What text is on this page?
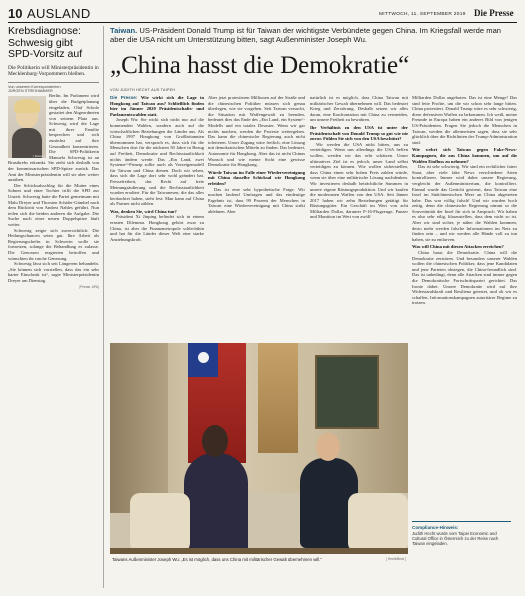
10 AUSLAND	MITTWOCH, 11. SEPTEMBER 2019 Die Presse
Krebsdiagnose: Schwesig gibt SPD-Vorsitz auf
Die Politikerin will Ministerpräsidentin in Mecklenburg-Vorpommern bleiben.
Von unserem Korrespondenten
JÜRGEN STREIHAMMER
[ Reuters ]

Berlin. Im Parlament wird über die Budgetplanung eingeladen, Olaf Scholz gestattet den Abgeordneten von seinem Platz aus. Schwesig wird die Lage mit ihrer Familie besprechen und sich zunächst auf ihre Gesundheit konzentrieren. Die SPD-Politikerin Manuela Schwesig ist an Brustkrebs erkrankt. Sie zieht sich deshalb von der kommissarischen SPD-Spitze zurück. Das Amt der Ministerpräsidentin will sie aber weiter ausüben.

Der Schicksalsschlag für die Mutter eines Sohnes und einer Tochter trifft die SPD zur Unzeit. Schwesig hatte die Partei gemeinsam mit Malu Dreyer und Thorsten Schäfer-Gümbel nach dem Rücktritt von Andrea Nahles geführt. Nun teilen sich die beiden anderen die Aufgabe. Die Suche nach einer neuen Doppelspitze läuft weiter.

Schwesig zeigte sich zuversichtlich: Die Heilungschancen seien gut. Ihre Arbeit als Regierungschefin in Schwerin wolle sie fortsetzen, solange die Behandlung es zulasse. Die Genossen reagierten betroffen und wünschten ihr rasche Genesung.

Schwesig lässt sich seit Längerem behandeln. „Sie können sich vorstellen, dass das ein sehr harter Einschnitt ist“, sagte Ministerpräsidentin Dreyer am Dienstag.

(Presse, APA)
Taiwan. US-Präsident Donald Trump ist für Taiwan der wichtigste Verbündete gegen China. Im Kriegsfall werde man aber die USA nicht um Unterstützung bitten, sagt Außenminister Joseph Wu.
„China hasst die Demokratie“
VON JUDITH HECHT AUS TAIPEH

Die Presse: Wie wirkt sich die Lage in Hongkong auf Taiwan aus? Schließlich finden hier im Jänner 2020 Präsidentschafts- und Parlamentswahlen statt.

Joseph Wu: Sie wirkt sich nicht nur auf die kommenden Wahlen, sondern auch auf die wirtschaftlichen Beziehungen der Länder aus. Als China 1997 Hongkong von Großbritannien übernommen hat, versprach es, dass sich für die Menschen dort für die nächsten 50 Jahre in Bezug auf Freiheit, Demokratie und Rechtsstaatlichkeit nichts ändern werde. Das „Ein Land, zwei Systeme“-Prinzip sollte auch als Vorzeigemodell für Taiwan und China dienen. Doch wir sehen, dass sich die Lage dort sehr wohl geändert hat. Pressefreiheit, das Recht auf freie Meinungsäußerung und die Rechtsstaatlichkeit wurden erodiert. Für die Taiwanesen, die das alles beobachtet haben, steht fest: Man kann auf China als Partner nicht zählen.

Was, denken Sie, wird China tun?

Präsident Xi Jinping befindet sich in einem ernsten Dilemma. Hongkong gehört zwar zu China, ist aber die Finanzmetropole schlechthin und hat für die Länder dieser Welt eine starke Anziehungskraft.

Aber jetzt protestieren Millionen auf der Straße und die chinesischen Politiker müssen sich genau überlegen, wie sie vorgehen. Seit Taiwan versucht, die Situation mit Waffengewalt zu beenden, bedeutet dies das Ende des „Ein Land, ein System“-Modells und ein totales Desaster. Wenn wir gar nichts machen, werden die Proteste weitergehen. Das kann die chinesische Regierung auch nicht tolerieren. Unser Zugang wäre freilich, eine Lösung mit demokratischen Mitteln zu finden. Das bedeutet, Autonomie für Hongkong. Aber das ist nicht Chinas Wunsch und wie meine Sicht eine gewisse Demokratie für Hongkong.

Würde Taiwan im Falle einer Wiedervereinigung mit China dasselbe Schicksal wie Hongkong erleiden?

Das ist eine sehr hypothetische Frage. Wir machen laufend Umfragen und das eindeutige Ergebnis ist, dass 99 Prozent der Menschen in Taiwan eine Wiedervereinigung mit China strikt ablehnen. Aber

natürlich ist es möglich, dass China Taiwan mit militärischer Gewalt übernehmen will. Das bedeutet Krieg und Zerstörung. Deshalb setzen wir alles daran, eine Konfrontation mit China zu vermeiden, um unsere Freiheit zu bewahren.

Ihr Verhältnis zu den USA ist unter der Präsidentschaft von Donald Trump so gut wie nie zuvor. Fühlen Sie sich von den USA beschützt?

Wir werden die USA nicht bitten, uns zu verteidigen. Wenn uns allerdings die USA helfen wollen, werden wir das sehr schätzen. Unser ultimatives Ziel ist es jedoch, unser Land selbst verteidigen zu können. Wie wollen sicherstellen, dass China einen sehr hohen Preis zahlen würde, wenn sie über eine militärische Lösung nachdenken. Wir investieren deshalb beträchtliche Summen in unsere eigene Rüstungsproduktion. Und wir kaufen die modernsten Waffen von den USA. Seit Jänner 2017 haben wir zehn Beziehungen getätigt für Rüstungsgüter. Ein Geschäft im Wert von acht Milliarden Dollar, darunter F-16-Flugzeuge, Panzer und Munition im Wert von zwölf

Milliarden Dollar angeboten. Das ist eine Menge! Das sind fette Profite, um die wir schon sehr lange bitten. China protestiert. Donald Trump wäre es sehr schwierig, diese defensiven Waffen zu bekommen. Ich weiß, meine Freunde in Europa haben ein anderes Bild von jenigen US-Präsidenten. Fragen Sie jedoch die Menschen in Taiwan, werden die allermeisten sagen, dass sie sehr glücklich über die Richtlinien der Trump-Administration sind.

Wie wehrt sich Taiwan gegen Fake-News-Kampagnen, die aus China kommen, um auf die Wahlen Einfluss zu nehmen?

Das ist sehr schwierig. Wir sind ein rechtlicher fairer Staat, aber viele fake News verschiedene Arten kontrollieren. Immer wird daher unsere Regierung, vergleicht der Außenministerium, die kontrolliert. Einmal wurde das Gerücht gestreut, dass Taiwan eine Insel im Südchinesischen Meer an China abgetreten habe. Das war völlig falsch! Und wir wurden hoch zeitig, denn die chinesische Regierung nimmt so die Souveränität der Insel für sich in Anspruch. Wir haben es also sehr eilig, klarzustellen, dass dem nicht so ist. Aber wir sind sicher, je näher die Wahlen kommen, desto mehr werden falsche Informationen im Netz zu finden sein – und wir werden alle Hände voll zu tun haben, sie zu entlarven.

Was will China mit diesen Attacken erreichen?

China hasst die Demokratie. China will die Demokratie zerstören. Und besonders unserer Wahlen wollen die chinesischen Politiker, dass jene Kandidaten und jene Parteien obsiegen, die China-freundlich sind. Das ist unbedingt, denn alle Attacken sind immer gegen die Demokratische Fortschrittspartei gerichtet. Das Ironie dabei: Unsere Demokratie wird auf ihre Widerstandskraft und Resilienz getestet, und ob wir es schaffen, Informationskampagnen autoritärer Regime zu trotzen.

Taiwans Außenminister Joseph Wu: „Es ist möglich, dass uns China mit militärischer Gewalt übernehmen will.“	[ Hecht/Beck ]
Compliance-Hinweis:
Judith Hecht wurde vom Taipei Economic and Cultural Office in Österreich zu der Reise nach Taiwan eingeladen.
